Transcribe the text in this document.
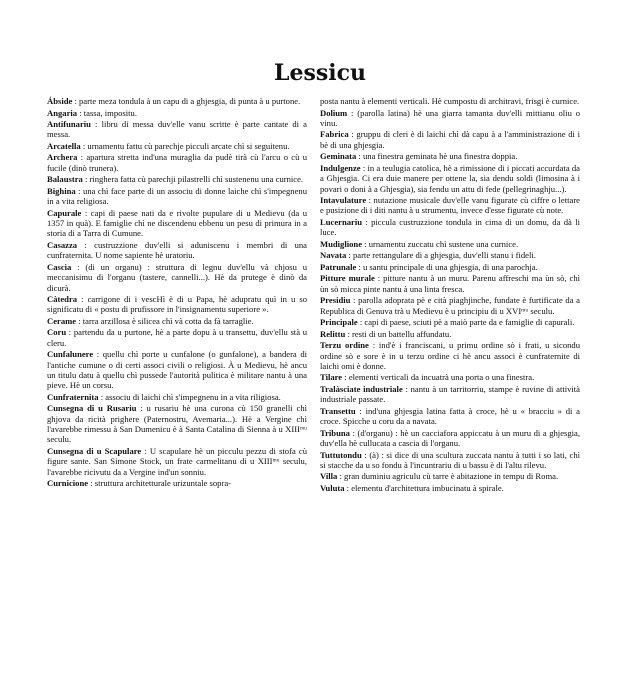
Lessicu
Ábside : parte meza tondula à un capu di a ghjesgia, di punta à u purtone.
Angaria : tassa, impositu.
Antifunariu : libru di messa duv'elle vanu scritte è parte cantate di a messa.
Arcatella : urnamentu fattu cù parechje picculi arcate chì si seguitenu.
Archera : apartura stretta ind'una muraglia da pudè tirà cù l'arcu o cù u fucile (dinò trunera).
Balaustra : ringhera fatta cù parechji pilastrelli chì sustenenu una curnice.
Bighina : una chì face parte di un associu di donne laiche chì s'impegnenu in a vita religiosa.
Capurale : capi di paese nati da e rivolte pupulare di u Medievu (da u 1357 in quà). E famiglie chì ne discendenu ebbenu un pesu di primura in a storia di a Tarra di Cumune.
Casazza : custruzzione duv'elli si aduniscenu i membri di una cunfraternita. U nome sapiente hè uratoriu.
Cascia : (di un organu) : struttura di legnu duv'ellu và chjosu u meccanisimu di l'organu (tastere, cannelli...). Hè da prutege è dinò da dicurà.
Càtedra : carrigone di i vescHì è di u Papa, hè adupratu quì in u so significatu di « postu di prufissore in l'insignamentu superiore ».
Cerame : tarra arzillosa è silicea chì và cotta da fà tarraglie.
Coru : partendu da u purtone, hè a parte dopu à u transettu, duv'ellu stà u cleru.
Cunfalunere : quellu chì porte u cunfalone (o gunfalone), a bandera di l'antiche cumune o di certi associ civili o religiosi. À u Medievu, hè ancu un titulu datu à quellu chì pussede l'autorità pulitica è militare nantu à una pieve. Hè un corsu.
Cunfraternita : associu di laichi chì s'impegnenu in a vita riligiosa.
Cunsegna di u Rusariu : u rusariu hè una curona cù 150 granelli chì ghjova da ricità prighere (Paternostru, Avemaria...). Hè a Vergine chì l'avarebbe rimessu à San Dumenicu è à Santa Catalina di Sienna à u XIIIᵐᵘ seculu.
Cunsegna di u Scapulare : U scapulare hè un picculu pezzu di stofa cù figure sante. San Simone Stock, un frate carmelitanu di u XIIIᵐᵘ seculu, l'avarebbe ricivutu da a Vergine ind'un sonniu.
Curnicione : struttura architetturale urizuntale sopra-
posta nantu à elementi verticali. Hè cumpostu di architravi, frisgi è curnice.
Dolium : (parolla latina) hè una giarra tamanta duv'elli mittianu oliu o vinu.
Fabrica : gruppu di cleri è di laichi chì dà capu à a l'amministrazione di i bè di una ghjesgia.
Geminata : una finestra geminata hè una finestra doppia.
Indulgenze : in a teulugia catolica, hè a rimissione di i piccati accurdata da a Ghjesgia. Ci era duie manere per ottene la, sia dendu soldi (limosina à i povari o doni à a Ghjesgia), sia fendu un attu di fede (pellegrinaghju...).
Intavulature : nutazione musicale duv'elle vanu figurate cù ciffre o lettare e pusizione di i diti nantu à u strumentu, invece d'esse figurate cù note.
Lucernariu : piccula custruzzione tondula in cima di un domu, da dà li luce.
Mudiglione : urnamentu zuccatu chì sustene una curnice.
Navata : parte rettangulare di a ghjesgia, duv'elli stanu i fideli.
Patrunale : u santu principale di una ghjesgia, di una parochja.
Pitture murale : pitture nantu à un muru. Parenu affreschi ma ùn sò, chì ùn sò micca pinte nantu à una linta fresca.
Presidiu : parolla adoprata pè e cità piaghjinche, fundate è furtificate da a Republica di Genuva trà u Medievu è u principiu di u XVIᵐᵘ seculu.
Principale : capi di paese, sciuti pè a maiò parte da e famiglie di capurali.
Relittu : resti di un battellu affundatu.
Terzu ordine : ind'è i franciscani, u primu ordine sò i frati, u sicondu ordine sò e sore è in u terzu ordine ci hè ancu associ è cunfraternite di laichi omi è donne.
Tilare : elementi verticali da incuatrà una porta o una finestra.
Tralàsciate industriale : nantu à un tarritorriu, stampe è ruvine di attività industriale passate.
Transettu : ind'una ghjesgia latina fatta à croce, hè u « bracciu » di a croce. Spicche u coru da a navata.
Tribuna : (d'organu) : hè un cacciafora appiccatu à un muru di a ghjesgia, duv'ella hè cullucata a cascia di l'organu.
Tuttutondu : (à) : si dice di una scultura zuccata nantu à tutti i so lati, chì si stacche da u so fondu à l'incuntrariu di u bassu è di l'altu rilevu.
Villa : gran duminiu agriculu cù tarre è abitazione in tempu di Roma.
Vuluta : elementu d'architettura imbucinatu à spirale.
